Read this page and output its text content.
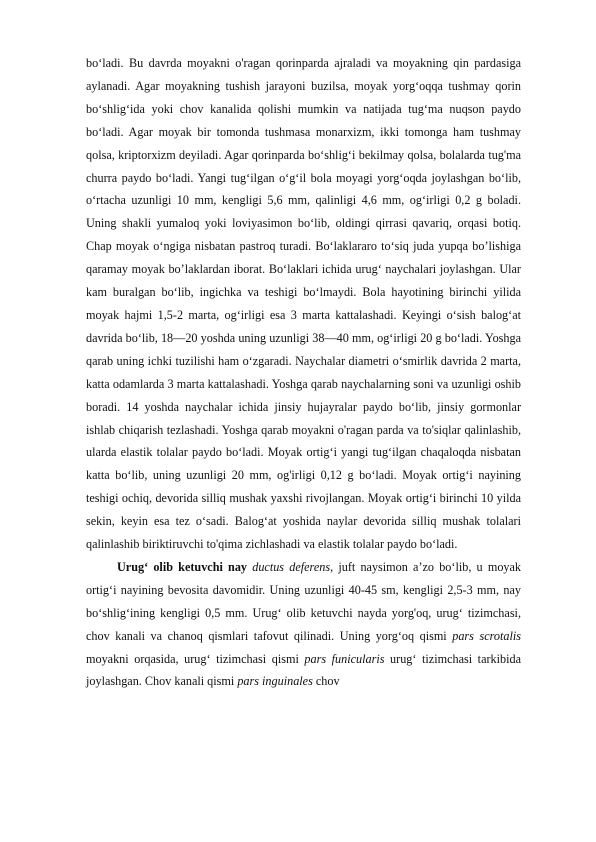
bo‘ladi. Bu davrda moyakni o'ragan qorinparda ajraladi va moyakning qin pardasiga aylanadi. Agar moyakning tushish jarayoni buzilsa, moyak yorg‘oqqa tushmay qorin bo‘shlig‘ida yoki chov kanalida qolishi mumkin va natijada tug‘ma nuqson paydo bo‘ladi. Agar moyak bir tomonda tushmasa monarxizm, ikki tomonga ham tushmay qolsa, kriptorxizm deyiladi. Agar qorinparda bo‘shlig‘i bekilmay qolsa, bolalarda tug'ma churra paydo bo‘ladi. Yangi tug‘ilgan o‘g‘il bola moyagi yorg‘oqda joylashgan bo‘lib, o‘rtacha uzunligi 10 mm, kengligi 5,6 mm, qalinligi 4,6 mm, og‘irligi 0,2 g boladi. Uning shakli yumaloq yoki loviyasimon bo‘lib, oldingi qirrasi qavariq, orqasi botiq. Chap moyak o‘ngiga nisbatan pastroq turadi. Bo‘laklararo to‘siq juda yupqa bo’lishiga qaramay moyak bo’laklardan iborat. Bo‘laklari ichida urug‘ naychalari joylashgan. Ular kam buralgan bo‘lib, ingichka va teshigi bo‘lmaydi. Bola hayotining birinchi yilida moyak hajmi 1,5-2 marta, og‘irligi esa 3 marta kattalashadi. Keyingi o‘sish balog‘at davrida bo‘lib, 18—20 yoshda uning uzunligi 38—40 mm, og‘irligi 20 g bo‘ladi. Yoshga qarab uning ichki tuzilishi ham o‘zgaradi. Naychalar diametri o‘smirlik davrida 2 marta, katta odamlarda 3 marta kattalashadi. Yoshga qarab naychalarning soni va uzunligi oshib boradi. 14 yoshda naychalar ichida jinsiy hujayralar paydo bo‘lib, jinsiy gormonlar ishlab chiqarish tezlashadi. Yoshga qarab moyakni o'ragan parda va to'siqlar qalinlashib, ularda elastik tolalar paydo bo‘ladi. Moyak ortig‘i yangi tug‘ilgan chaqaloqda nisbatan katta bo‘lib, uning uzunligi 20 mm, og'irligi 0,12 g bo‘ladi. Moyak ortig‘i nayining teshigi ochiq, devorida silliq mushak yaxshi rivojlangan. Moyak ortig‘i birinchi 10 yilda sekin, keyin esa tez o‘sadi. Balog‘at yoshida naylar devorida silliq mushak tolalari qalinlashib biriktiruvchi to'qima zichlashadi va elastik tolalar paydo bo‘ladi.

Urug‘ olib ketuvchi nay ductus deferens, juft naysimon a’zo bo‘lib, u moyak ortig‘i nayining bevosita davomidir. Uning uzunligi 40-45 sm, kengligi 2,5-3 mm, nay bo‘shlig‘ining kengligi 0,5 mm. Urug‘ olib ketuvchi nayda yorg'oq, urug‘ tizimchasi, chov kanali va chanoq qismlari tafovut qilinadi. Uning yorg‘oq qismi pars scrotalis moyakni orqasida, urug‘ tizimchasi qismi pars funicularis urug‘ tizimchasi tarkibida joylashgan. Chov kanali qismi pars inguinales chov
